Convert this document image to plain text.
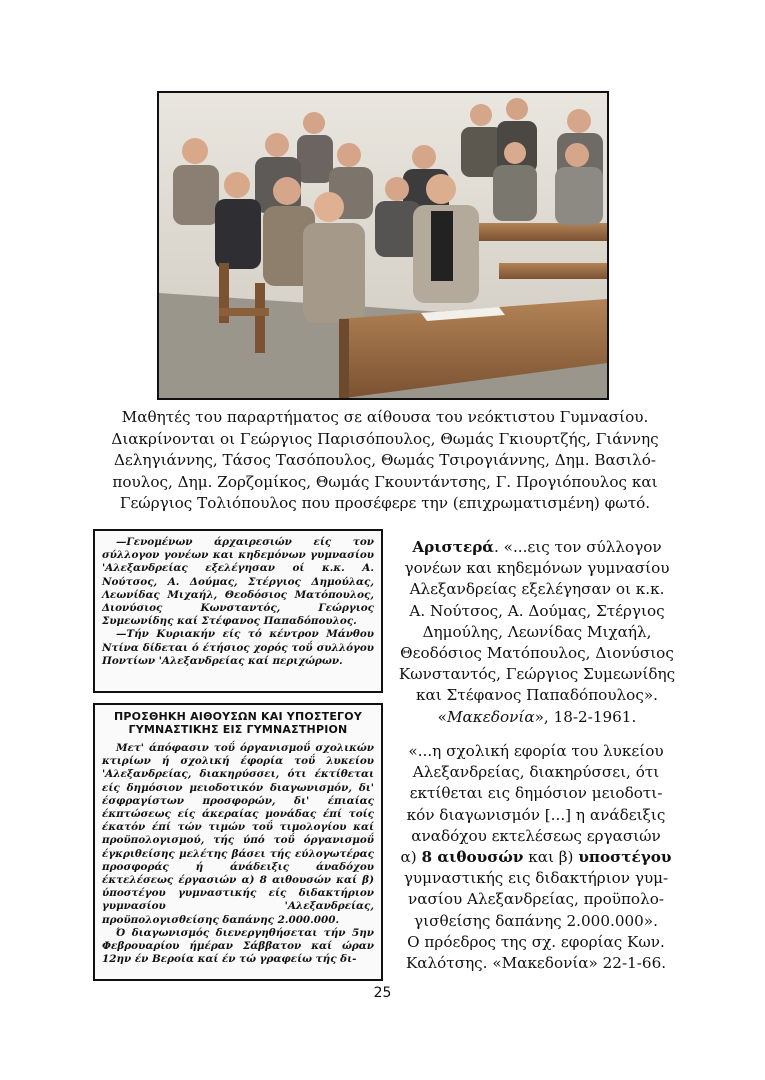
Μαθητές του παραρτήματος σε αίθουσα του νεόκτιστου Γυμνασίου.
Διακρίνονται οι Γεώργιος Παρισόπουλος, Θωμάς Γκιουρτζής, Γιάννης
Δεληγιάννης, Τάσος Τασόπουλος, Θωμάς Τσιρογιάννης, Δημ. Βασιλό-
πουλος, Δημ. Ζορζομίκος, Θωμάς Γκουντάντσης, Γ. Προγιόπουλος και
Γεώργιος Τολιόπουλος που προσέφερε την (επιχρωματισμένη) φωτό.

—Γενομένων άρχαιρεσιών είς τον σύλλογον γονέων και κηδεμόνων γυμνασίου 'Αλεξανδρείας εξελέγησαν οί κ.κ. Α. Νούτσος, Α. Δούμας, Στέργιος Δημούλας, Λεωνίδας Μιχαήλ, Θεοδόσιος Ματόπουλος, Διονύσιος Κωνσταντός, Γεώργιος Συμεωνίδης καί Στέφανος Παπαδόπουλος.

—Τήν Κυριακήν είς τό κέντρον Μάνθου Ντίνα δίδεται ό έτήσιος χορός τοΰ συλλόγου Ποντίων 'Αλεξανδρείας καί περιχώρων.

ΠΡΟΣΘΗΚΗ ΑΙΘΟΥΣΩΝ ΚΑΙ ΥΠΟΣΤΕΓΟΥ
ΓΥΜΝΑΣΤΙΚΗΣ ΕΙΣ ΓΥΜΝΑΣΤΗΡΙΟΝ

Μετ' άπόφασιν τοΰ όργανισμοΰ σχολικών κτιρίων ή σχολική έφορία τοΰ λυκείου 'Αλεξανδρείας, διακηρύσσει, ότι έκτίθεται είς δημόσιον μειοδοτικόν διαγωνισμόν, δι' έσφραγίστων προσφορών, δι' έπιαίας έκπτώσεως είς άκεραίας μονάδας έπί τοίς έκατόν έπί τών τιμών τοΰ τιμολογίου καί προϋπολογισμού, τής ύπό τοΰ όργανισμοΰ έγκριθείσης μελέτης βάσει τής εύλογωτέρας προσφοράς ή άνάδειξις άναδόχου έκτελέσεως έργασιών α) 8 αιθουσών καί β) ύποστέγου γυμναστικής είς διδακτήριον γυμνασίου 'Αλεξανδρείας, προϋπολογισθείσης δαπάνης 2.000.000.

Ό διαγωνισμός διενεργηθήσεται τήν 5ην Φεβρουαρίου ήμέραν Σάββατον καί ώραν 12ην έν Βεροία καί έν τώ γραφείω τής δι-

Αριστερά. «...εις τον σύλλογον
γονέων και κηδεμόνων γυμνασίου
Αλεξανδρείας εξελέγησαν οι κ.κ.
Α. Νούτσος, Α. Δούμας, Στέργιος
Δημούλης, Λεωνίδας Μιχαήλ,
Θεοδόσιος Ματόπουλος, Διονύσιος
Κωνσταντός, Γεώργιος Συμεωνίδης
και Στέφανος Παπαδόπουλος».
«Μακεδονία», 18-2-1961.
«...η σχολική εφορία του λυκείου
Αλεξανδρείας, διακηρύσσει, ότι
εκτίθεται εις δημόσιον μειοδοτι-
κόν διαγωνισμόν [...] η ανάδειξις
αναδόχου εκτελέσεως εργασιών
α) 8 αιθουσών και β) υποστέγου
γυμναστικής εις διδακτήριον γυμ-
νασίου Αλεξανδρείας, προϋπολο-
γισθείσης δαπάνης 2.000.000».
Ο πρόεδρος της σχ. εφορίας Κων.
Καλότσης. «Μακεδονία» 22-1-66.
25
